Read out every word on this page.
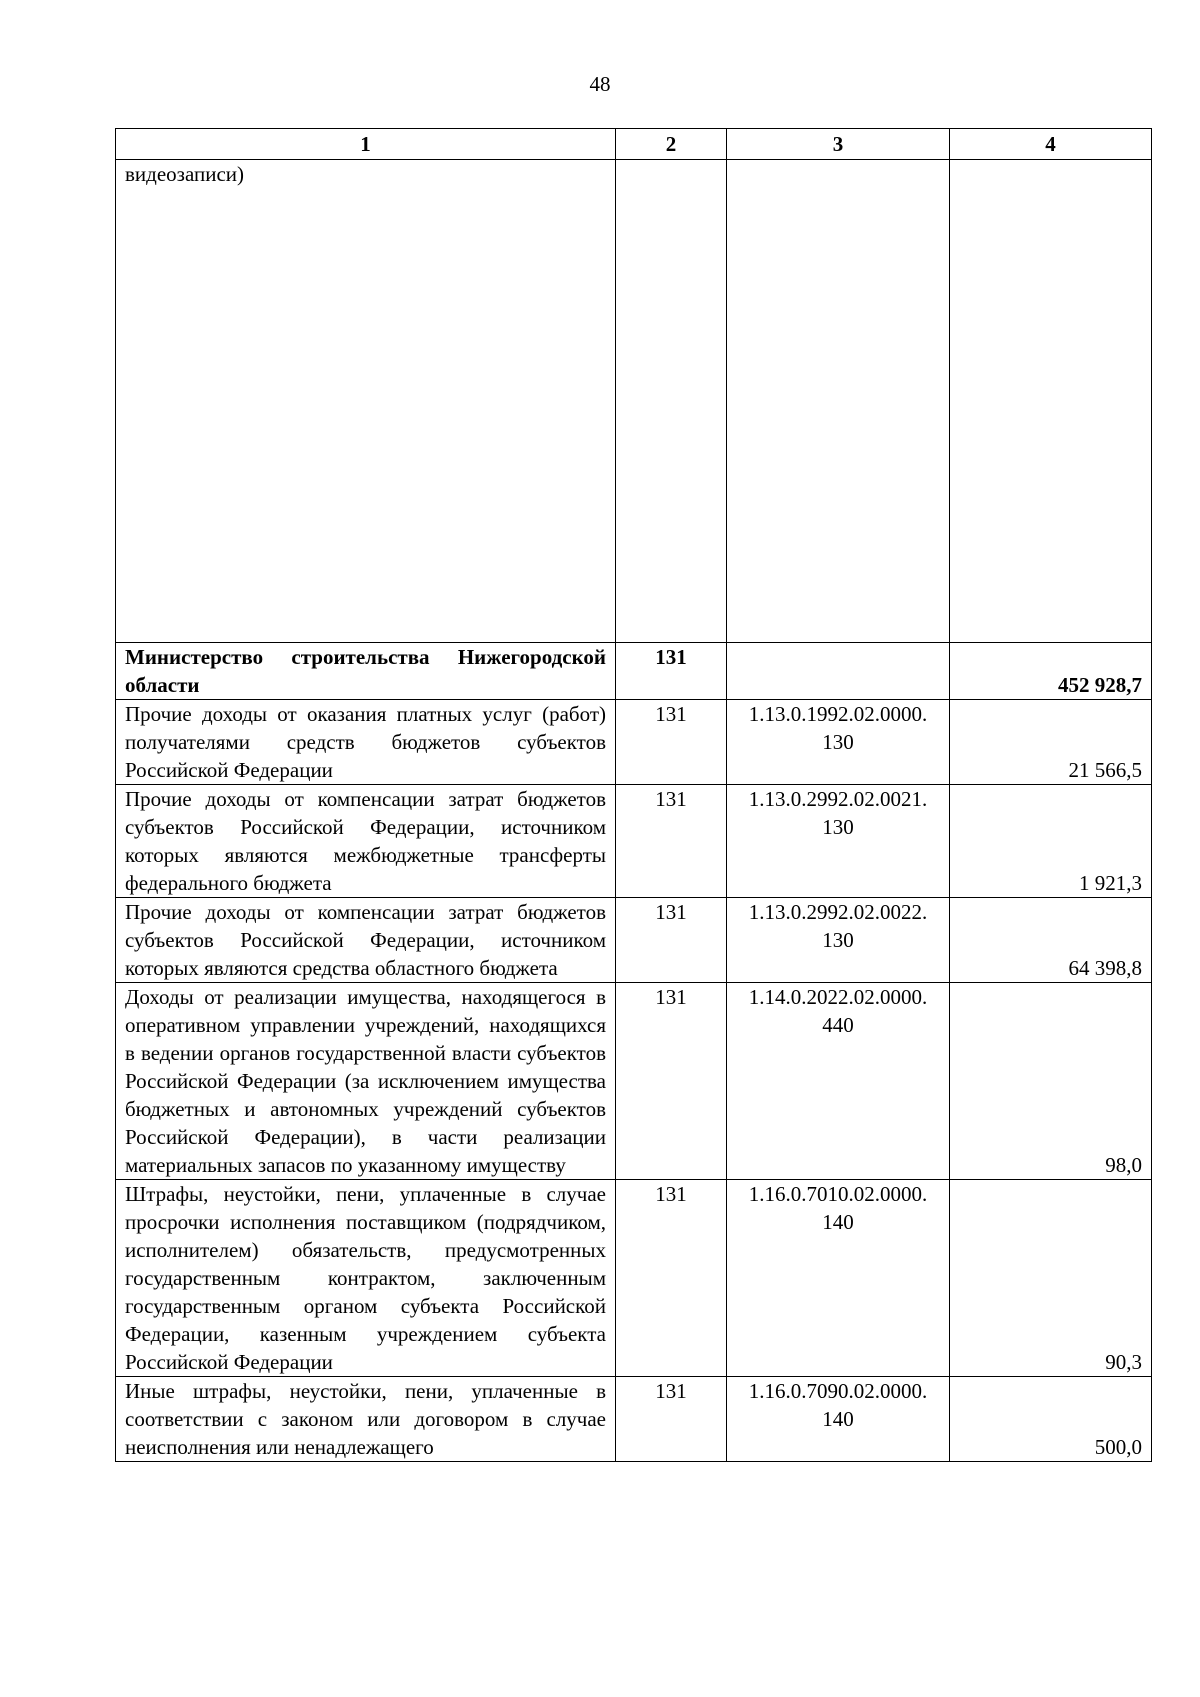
48
1	2	3	4
видеозаписи)			
Министерство строительства Нижегородской области	131		452 928,7
Прочие доходы от оказания платных услуг (работ) получателями средств бюджетов субъектов Российской Федерации	131	1.13.0.1992.02.0000. 130	21 566,5
Прочие доходы от компенсации затрат бюджетов субъектов Российской Федерации, источником которых являются межбюджетные трансферты федерального бюджета	131	1.13.0.2992.02.0021. 130	1 921,3
Прочие доходы от компенсации затрат бюджетов субъектов Российской Федерации, источником которых являются средства областного бюджета	131	1.13.0.2992.02.0022. 130	64 398,8
Доходы от реализации имущества, находящегося в оперативном управлении учреждений, находящихся в ведении органов государственной власти субъектов Российской Федерации (за исключением имущества бюджетных и автономных учреждений субъектов Российской Федерации), в части реализации материальных запасов по указанному имуществу	131	1.14.0.2022.02.0000. 440	98,0
Штрафы, неустойки, пени, уплаченные в случае просрочки исполнения поставщиком (подрядчиком, исполнителем) обязательств, предусмотренных государственным контрактом, заключенным государственным органом субъекта Российской Федерации, казенным учреждением субъекта Российской Федерации	131	1.16.0.7010.02.0000. 140	90,3
Иные штрафы, неустойки, пени, уплаченные в соответствии с законом или договором в случае неисполнения или ненадлежащего	131	1.16.0.7090.02.0000. 140	500,0
